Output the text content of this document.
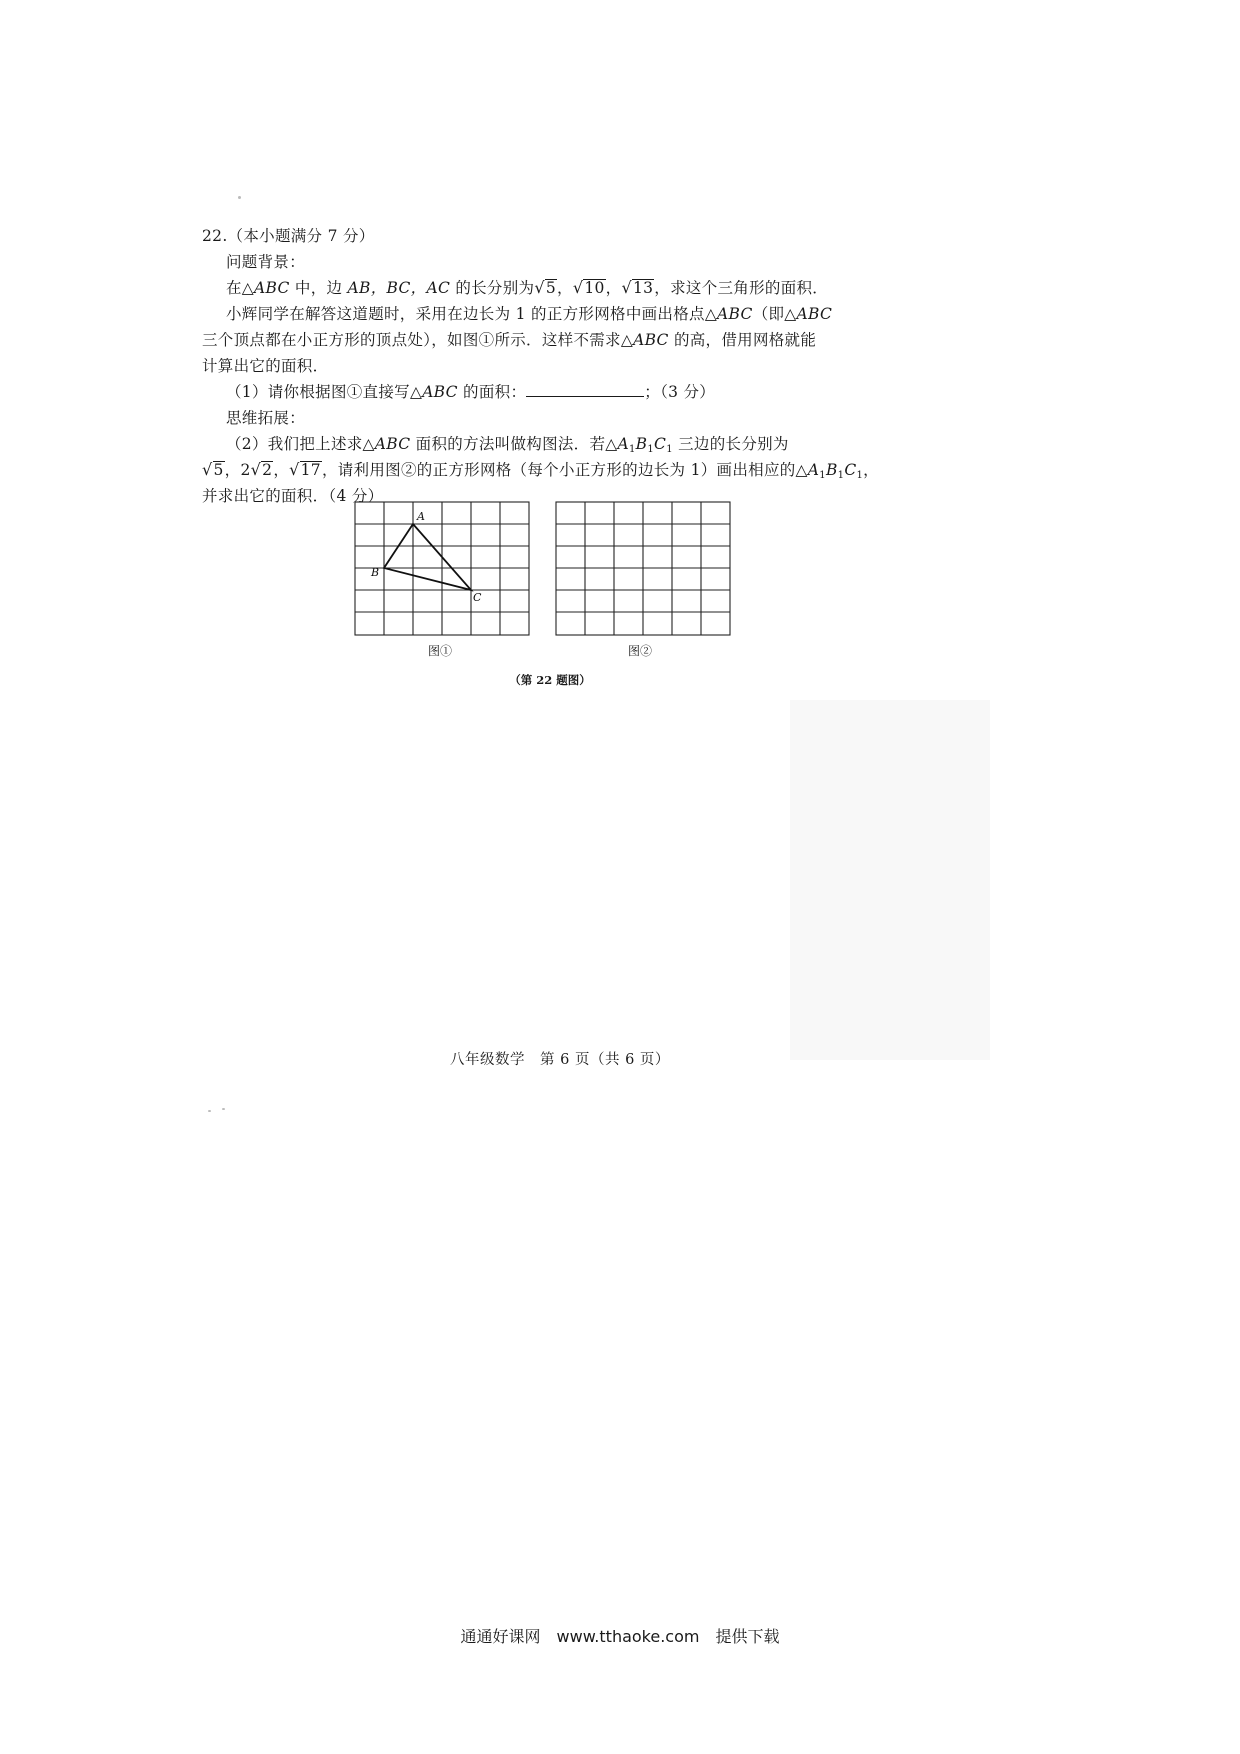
22.（本小题满分 7 分）
问题背景：
在△ABC 中，边 AB，BC，AC 的长分别为√5，√10，√13，求这个三角形的面积．
小辉同学在解答这道题时，采用在边长为 1 的正方形网格中画出格点△ABC（即△ABC
三个顶点都在小正方形的顶点处），如图①所示．这样不需求△ABC 的高，借用网格就能
计算出它的面积．
（1）请你根据图①直接写△ABC 的面积：	；（3 分）
思维拓展：
（2）我们把上述求△ABC 面积的方法叫做构图法．若$\triangle A_1B_1C_1$ 三边的长分别为
√5，2√2，√17，请利用图②的正方形网格（每个小正方形的边长为 1）画出相应的$\triangle A_1B_1C_1$，
并求出它的面积．（4 分）
A
B
C
图①	图②
（第 22 题图）
八年级数学　第 6 页（共 6 页）
通通好课网　www.tthaoke.com　提供下载
